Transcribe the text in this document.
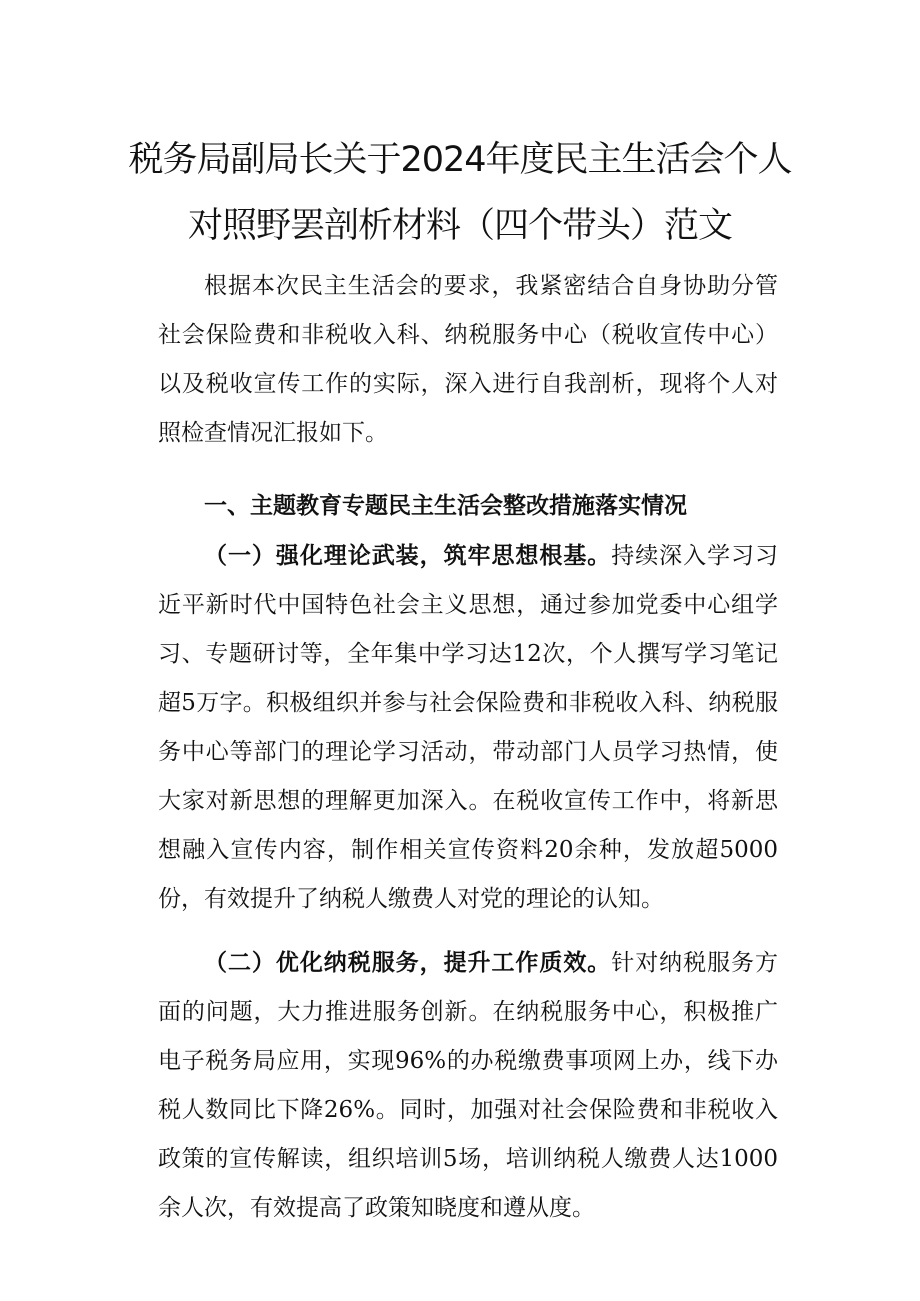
税务局副局长关于2024年度民主生活会个人
对照野罢剖析材料（四个带头）范文

根据本次民主生活会的要求，我紧密结合自身协助分管社会保险费和非税收入科、纳税服务中心（税收宣传中心）以及税收宣传工作的实际，深入进行自我剖析，现将个人对照检查情况汇报如下。

一、主题教育专题民主生活会整改措施落实情况

（一）强化理论武装，筑牢思想根基。持续深入学习习近平新时代中国特色社会主义思想，通过参加党委中心组学习、专题研讨等，全年集中学习达12次，个人撰写学习笔记超5万字。积极组织并参与社会保险费和非税收入科、纳税服务中心等部门的理论学习活动，带动部门人员学习热情，使大家对新思想的理解更加深入。在税收宣传工作中，将新思想融入宣传内容，制作相关宣传资料20余种，发放超5000份，有效提升了纳税人缴费人对党的理论的认知。

（二）优化纳税服务，提升工作质效。针对纳税服务方面的问题，大力推进服务创新。在纳税服务中心，积极推广电子税务局应用，实现96%的办税缴费事项网上办，线下办税人数同比下降26%。同时，加强对社会保险费和非税收入政策的宣传解读，组织培训5场，培训纳税人缴费人达1000余人次，有效提高了政策知晓度和遵从度。
